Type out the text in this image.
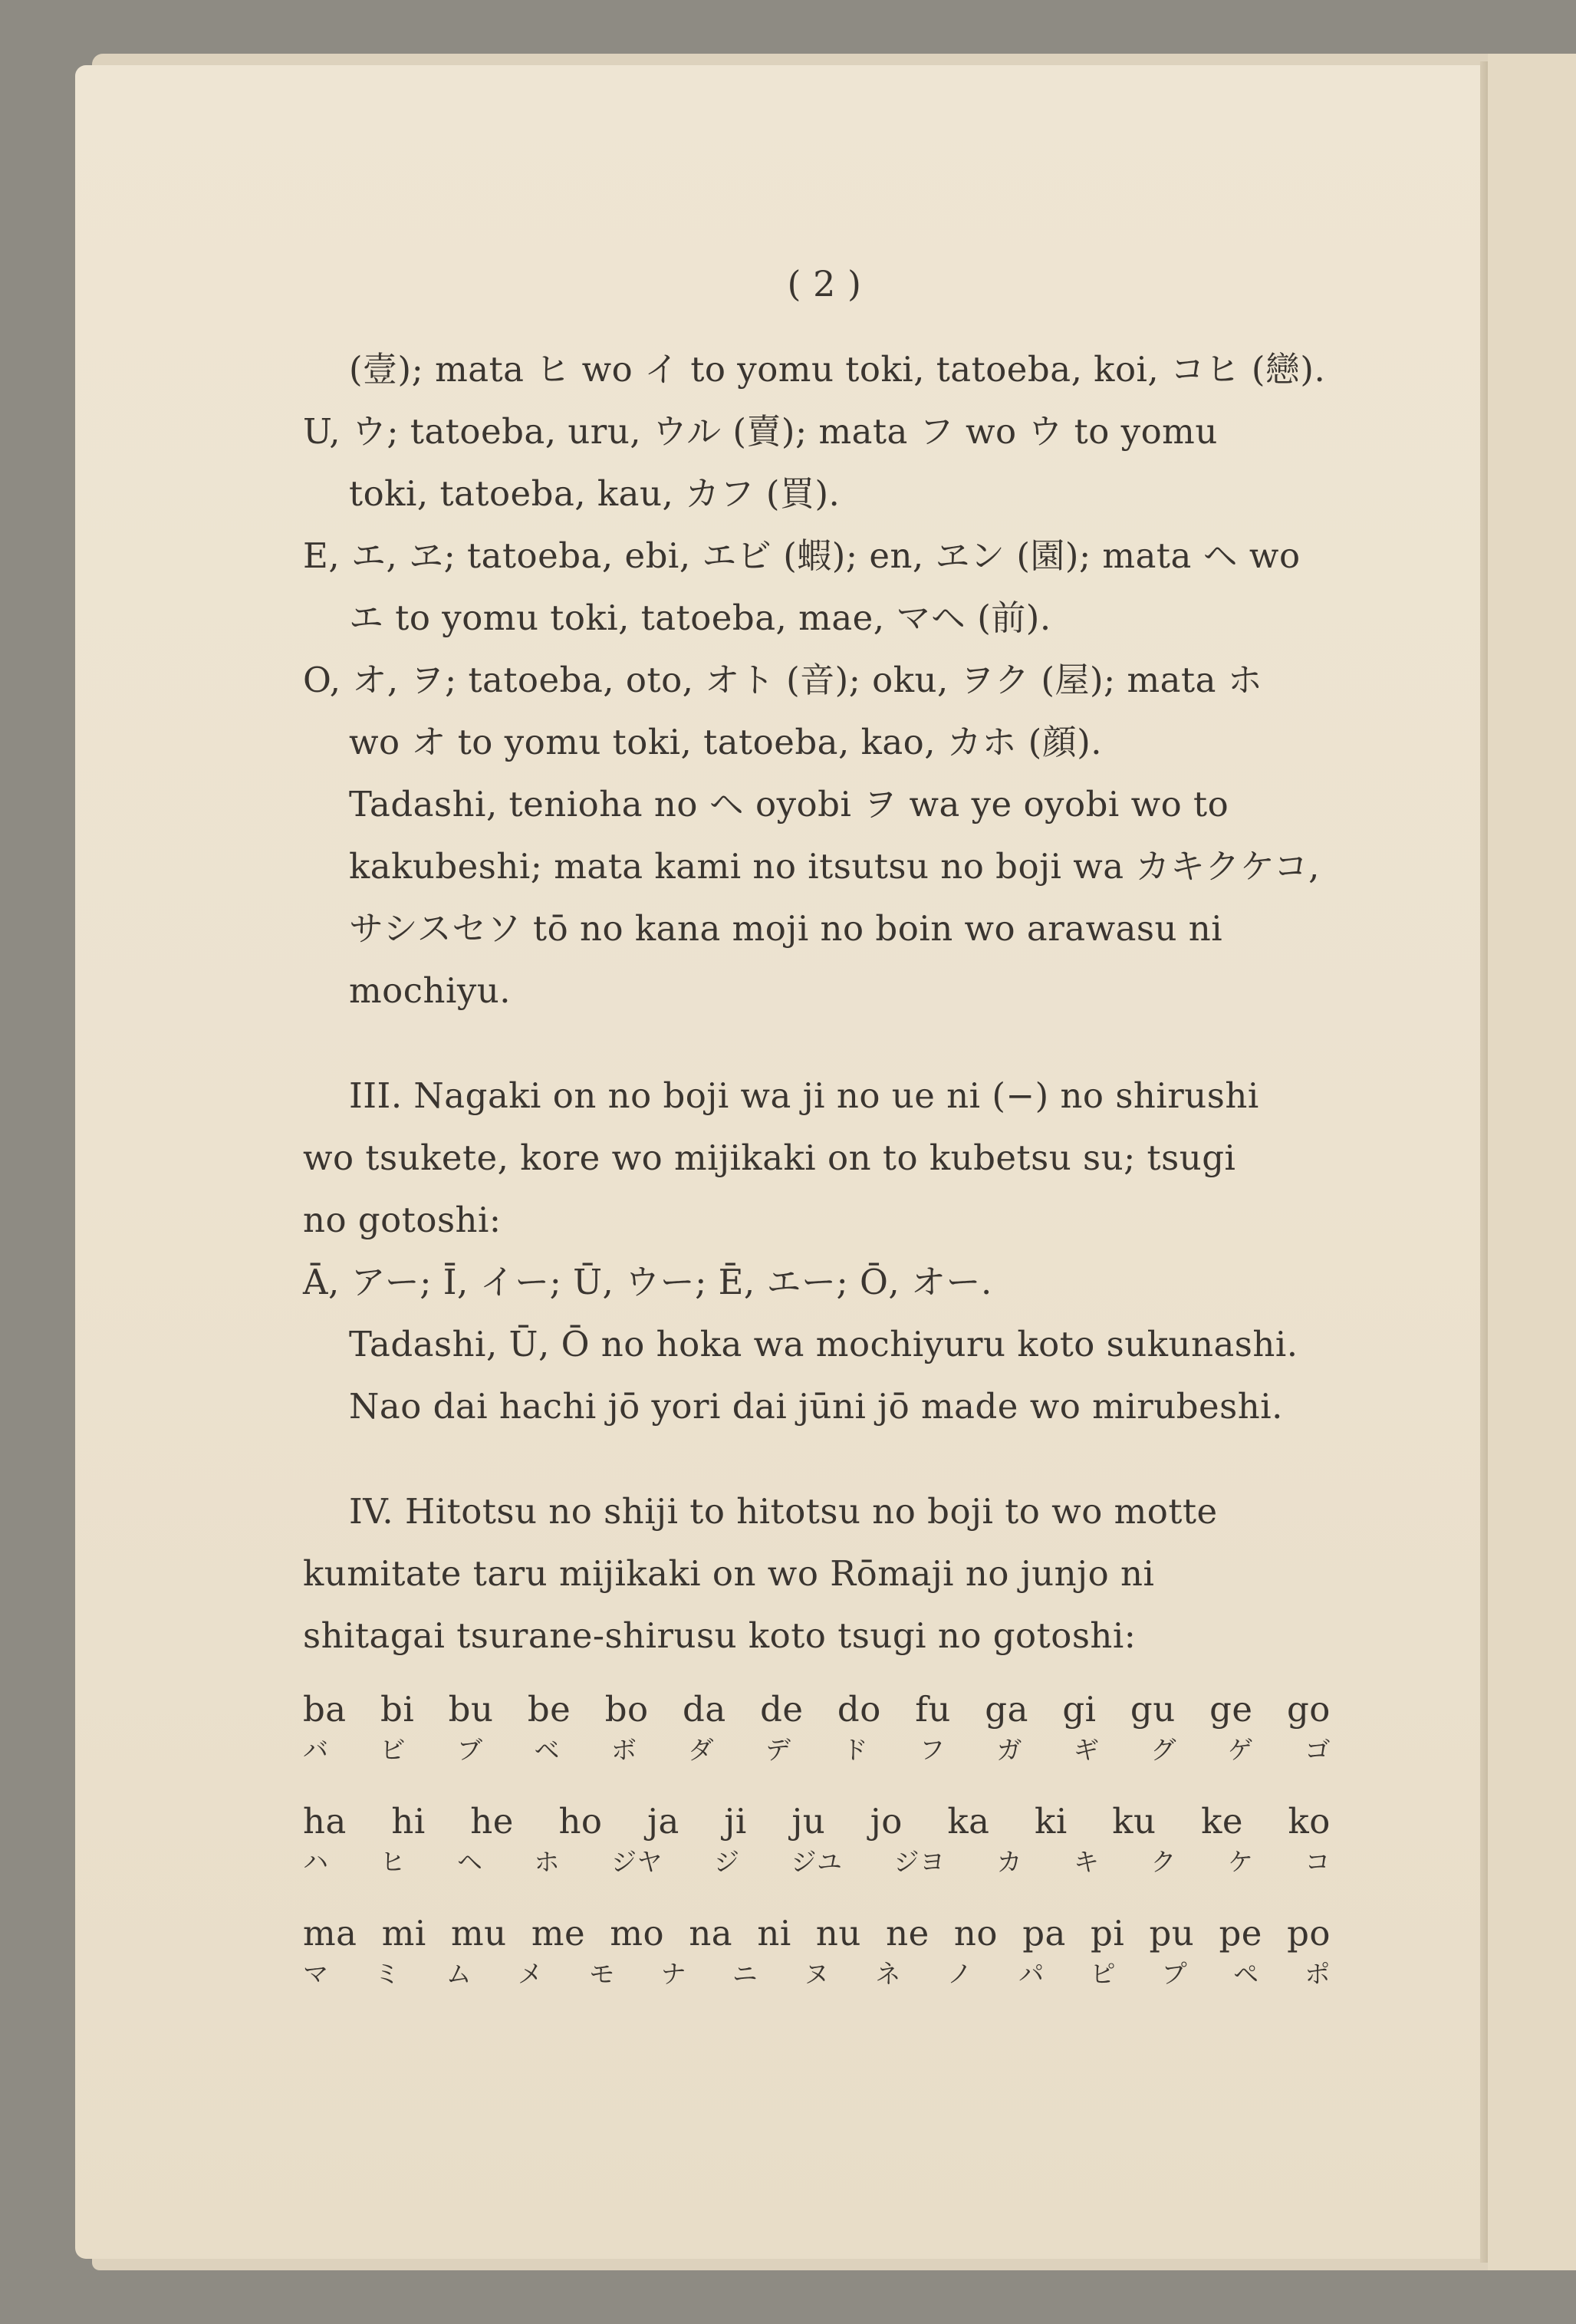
( 2 )
(壹); mata ヒ wo イ to yomu toki, tatoeba, koi, コヒ (戀).
U, ウ; tatoeba, uru, ウル (賣); mata フ wo ウ to yomu
toki, tatoeba, kau, カフ (買).
E, エ, ヱ; tatoeba, ebi, エビ (蝦); en, ヱン (園); mata ヘ wo
エ to yomu toki, tatoeba, mae, マヘ (前).
O, オ, ヲ; tatoeba, oto, オト (音); oku, ヲク (屋); mata ホ
wo オ to yomu toki, tatoeba, kao, カホ (顔).
Tadashi, tenioha no ヘ oyobi ヲ wa ye oyobi wo to
kakubeshi; mata kami no itsutsu no boji wa カキクケコ,
サシスセソ tō no kana moji no boin wo arawasu ni
mochiyu.
III. Nagaki on no boji wa ji no ue ni (−) no shirushi
wo tsukete, kore wo mijikaki on to kubetsu su; tsugi
no gotoshi:
Ā, アー; Ī, イー; Ū, ウー; Ē, エー; Ō, オー.
Tadashi, Ū, Ō no hoka wa mochiyuru koto sukunashi.
Nao dai hachi jō yori dai jūni jō made wo mirubeshi.
IV. Hitotsu no shiji to hitotsu no boji to wo motte
kumitate taru mijikaki on wo Rōmaji no junjo ni
shitagai tsurane-shirusu koto tsugi no gotoshi:
ba bi bu be bo da de do fu ga gi gu ge go
バ ビ ブ ベ ボ ダ デ ド フ ガ ギ グ ゲ ゴ
ha hi he ho ja ji ju jo ka ki ku ke ko
ハ ヒ ヘ ホ ジヤ ジ ジユ ジヨ カ キ ク ケ コ
ma mi mu me mo na ni nu ne no pa pi pu pe po
マ ミ ム メ モ ナ ニ ヌ ネ ノ パ ピ プ ペ ポ
